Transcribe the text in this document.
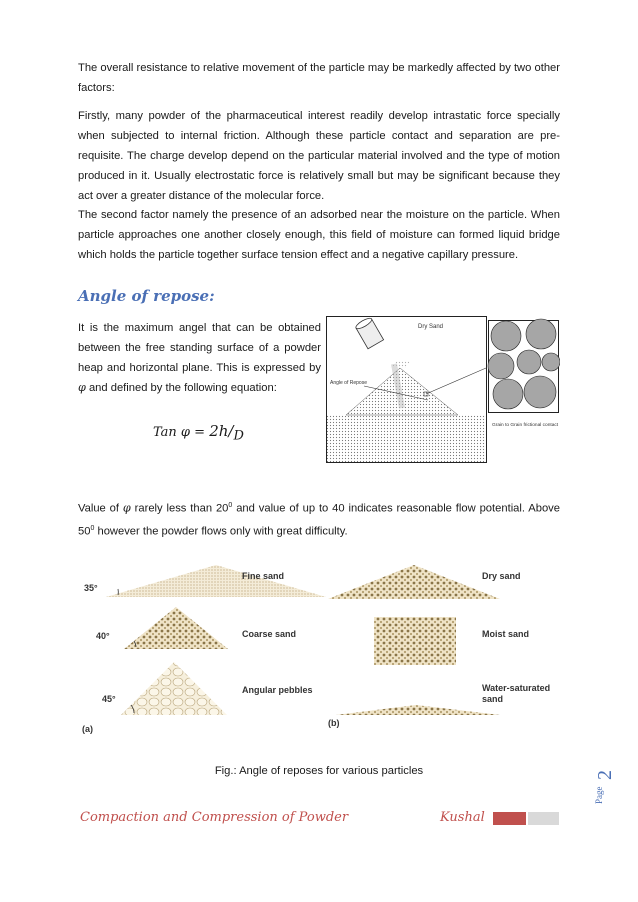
The overall resistance to relative movement of the particle may be markedly affected by two other factors:

Firstly, many powder of the pharmaceutical interest readily develop intrastatic force specially when subjected to internal friction. Although these particle contact and separation are pre-requisite. The charge develop depend on the particular material involved and the type of motion produced in it. Usually electrostatic force is relatively small but may be significant because they act over a greater distance of the molecular force.

The second factor namely the presence of an adsorbed near the moisture on the particle. When particle approaches one another closely enough, this field of moisture can formed liquid bridge which holds the particle together surface tension effect and a negative capillary pressure.

Angle of repose:

It is the maximum angel that can be obtained between the free standing surface of a powder heap and horizontal plane. This is expressed by φ and defined by the following equation:

Tan $\varphi = 2h/_D$
Dry Sand
Angle of Repose
Grain to Grain frictional contact

Value of φ rarely less than $20^0$ and value of up to 40 indicates reasonable flow potential. Above $50^0$ however the powder flows only with great difficulty.

35°
Fine sand
40°	Coarse sand
45°
Angular pebbles
(a)
Dry sand
Moist sand
Water-saturated
sand
(b)
Fig.: Angle of reposes for various particles
Page
2
Compaction and Compression of Powder	Kushal
